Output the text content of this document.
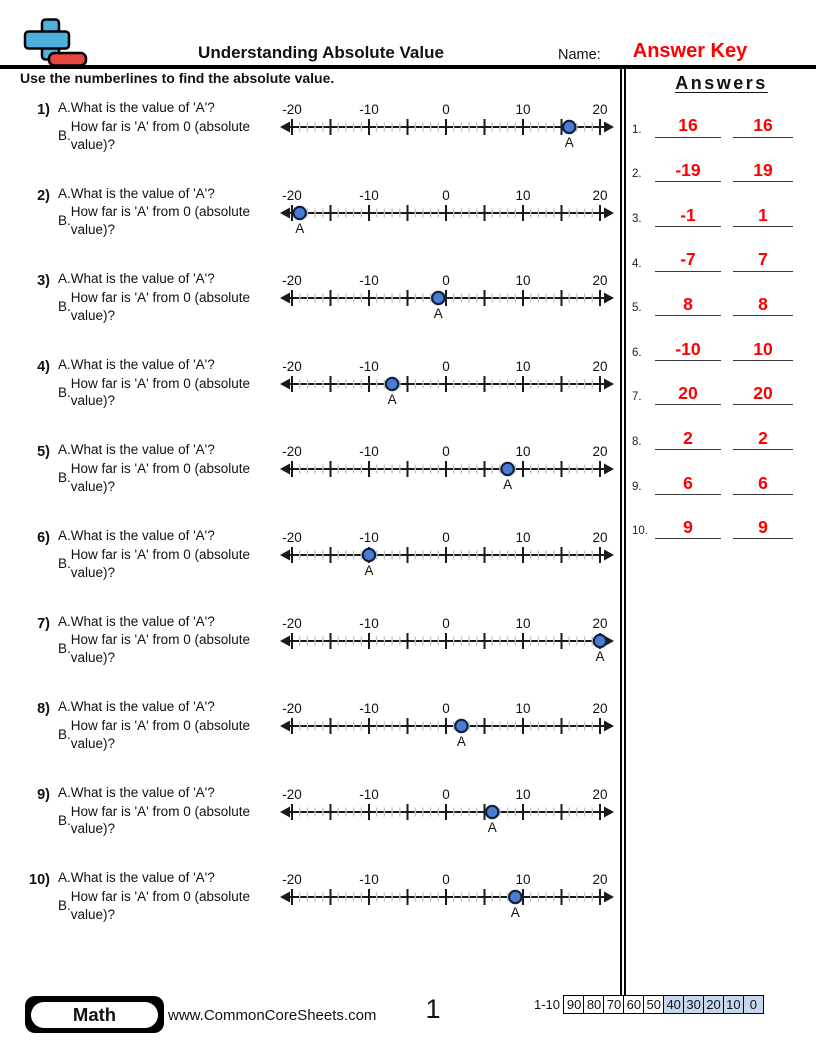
Understanding Absolute Value	Name:	Answer Key
Use the numberlines to find the absolute value.
1) A. What is the value of 'A'?
B.
How far is 'A' from 0 (absolute value)?
-20	-10	0	10	20
A
2) A. What is the value of 'A'?
B.
How far is 'A' from 0 (absolute value)?
-20	-10	0	10	20
A
3) A. What is the value of 'A'?
B.
How far is 'A' from 0 (absolute value)?
-20	-10	0	10	20
A
4) A. What is the value of 'A'?
B.
How far is 'A' from 0 (absolute value)?
-20	-10	0	10	20
A
5) A. What is the value of 'A'?
B.
How far is 'A' from 0 (absolute value)?
-20	-10	0	10	20
A
6) A. What is the value of 'A'?
B.
How far is 'A' from 0 (absolute value)?
-20	-10	0	10	20
A
7) A. What is the value of 'A'?
B.
How far is 'A' from 0 (absolute value)?
-20	-10	0	10	20
A
8) A. What is the value of 'A'?
B.
How far is 'A' from 0 (absolute value)?
-20	-10	0	10	20
A
9) A. What is the value of 'A'?
B.
How far is 'A' from 0 (absolute value)?
-20	-10	0	10	20
A
10) A. What is the value of 'A'?
B.
How far is 'A' from 0 (absolute value)?
-20	-10	0	10	20
A
Answers
1.	16	16
2.	-19	19
3.	-1	1
4.	-7	7
5.	8	8
6.	-10	10
7.	20	20
8.	2	2
9.	6	6
10.	9	9
Math	www.CommonCoreSheets.com	1	1-10 90 80 70 60 50 40 30 20 10 0
